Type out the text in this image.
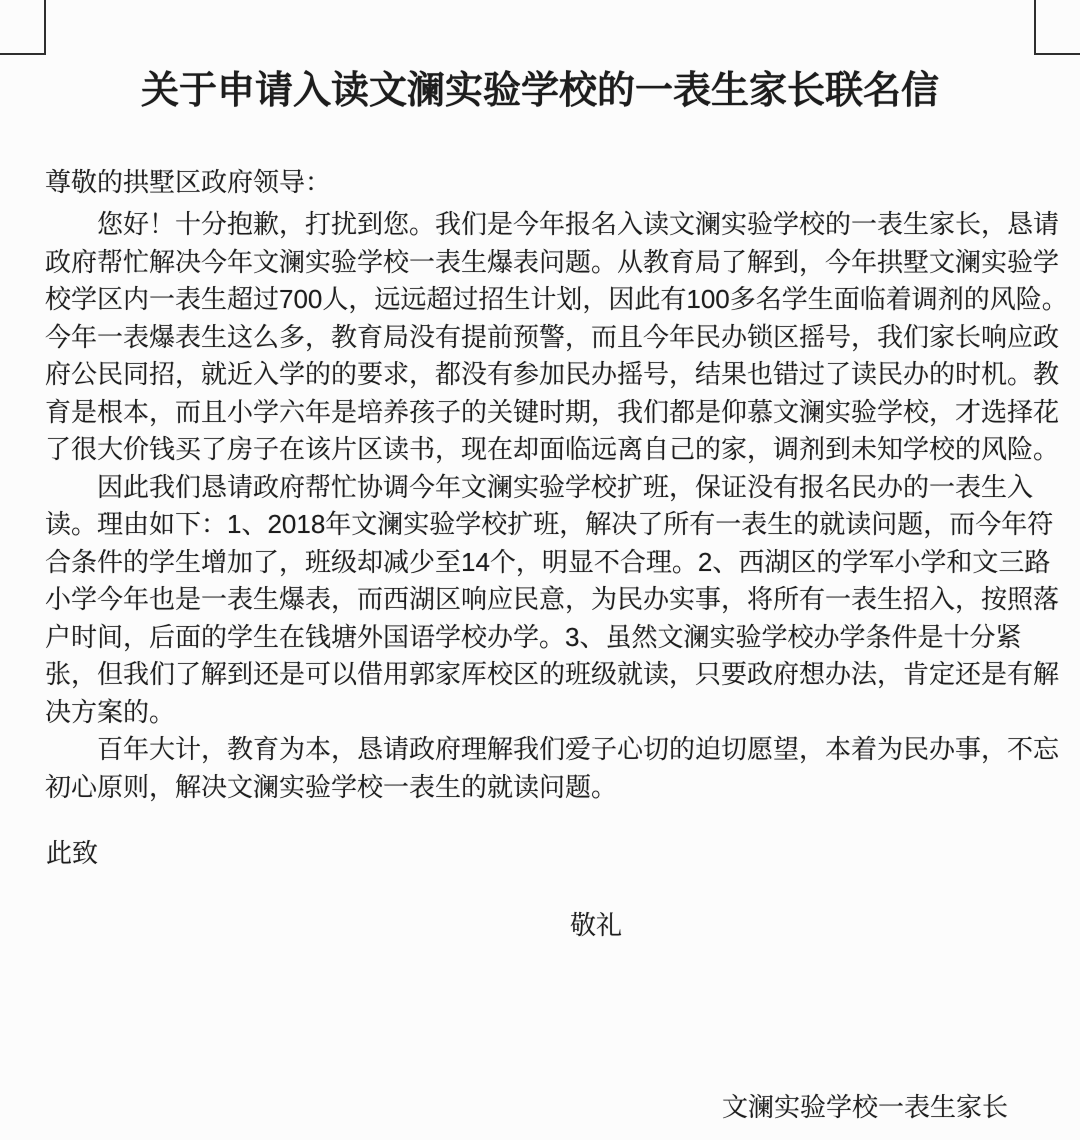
关于申请入读文澜实验学校的一表生家长联名信
尊敬的拱墅区政府领导：
　　您好！十分抱歉，打扰到您。我们是今年报名入读文澜实验学校的一表生家长，恳请
政府帮忙解决今年文澜实验学校一表生爆表问题。从教育局了解到，今年拱墅文澜实验学
校学区内一表生超过700人，远远超过招生计划，因此有100多名学生面临着调剂的风险。
今年一表爆表生这么多，教育局没有提前预警，而且今年民办锁区摇号，我们家长响应政
府公民同招，就近入学的的要求，都没有参加民办摇号，结果也错过了读民办的时机。教
育是根本，而且小学六年是培养孩子的关键时期，我们都是仰慕文澜实验学校，才选择花
了很大价钱买了房子在该片区读书，现在却面临远离自己的家，调剂到未知学校的风险。
　　因此我们恳请政府帮忙协调今年文澜实验学校扩班，保证没有报名民办的一表生入
读。理由如下：1、2018年文澜实验学校扩班，解决了所有一表生的就读问题，而今年符
合条件的学生增加了，班级却减少至14个，明显不合理。2、西湖区的学军小学和文三路
小学今年也是一表生爆表，而西湖区响应民意，为民办实事，将所有一表生招入，按照落
户时间，后面的学生在钱塘外国语学校办学。3、虽然文澜实验学校办学条件是十分紧
张，但我们了解到还是可以借用郭家厍校区的班级就读，只要政府想办法，肯定还是有解
决方案的。
　　百年大计，教育为本，恳请政府理解我们爱子心切的迫切愿望，本着为民办事，不忘
初心原则，解决文澜实验学校一表生的就读问题。
此致
敬礼
文澜实验学校一表生家长
